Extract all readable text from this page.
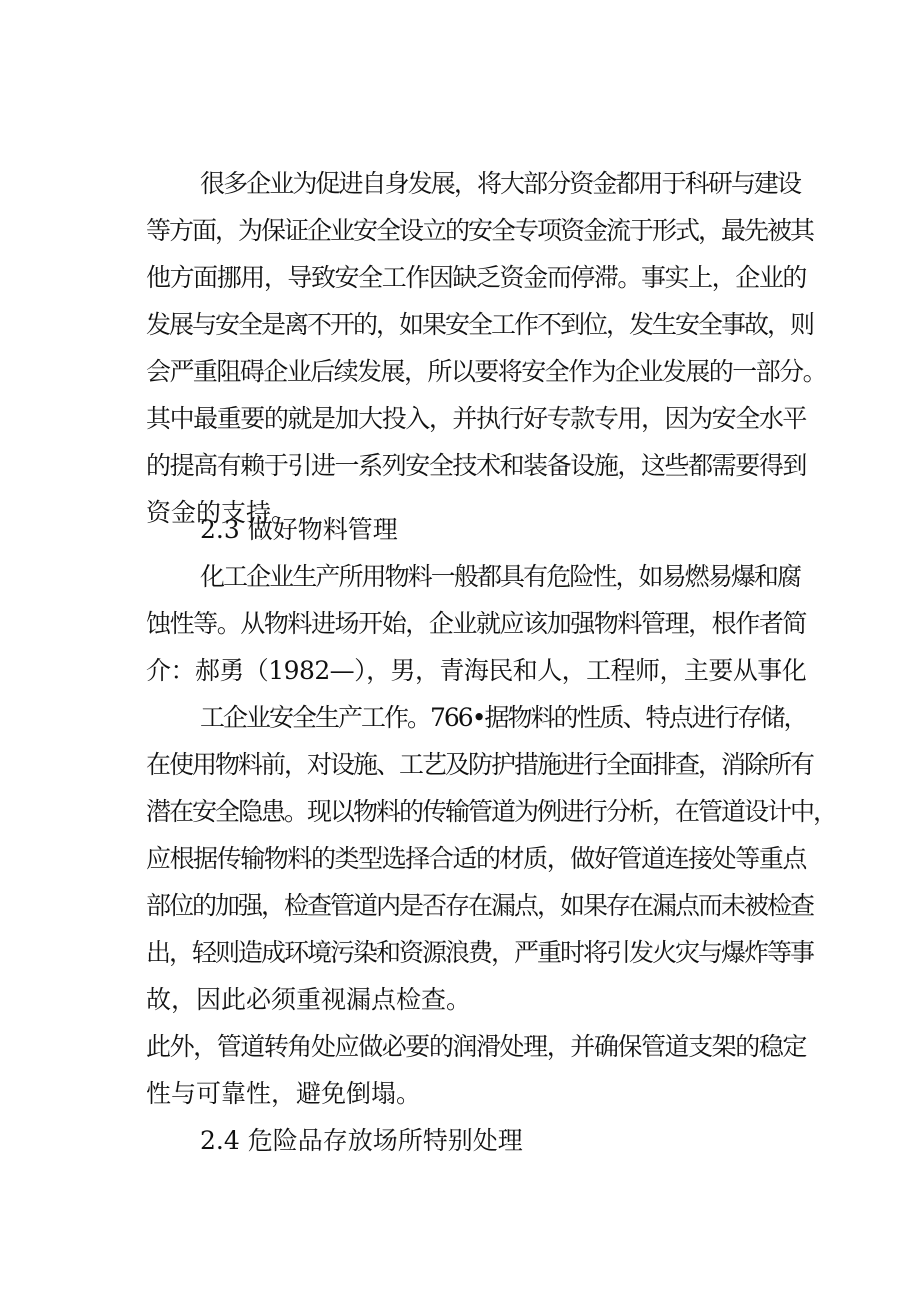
很多企业为促进自身发展，将大部分资金都用于科研与建设
等方面，为保证企业安全设立的安全专项资金流于形式，最先被其
他方面挪用，导致安全工作因缺乏资金而停滞。事实上，企业的
发展与安全是离不开的，如果安全工作不到位，发生安全事故，则
会严重阻碍企业后续发展，所以要将安全作为企业发展的一部分。
其中最重要的就是加大投入，并执行好专款专用，因为安全水平
的提高有赖于引进一系列安全技术和装备设施，这些都需要得到
资金的支持。
2.3 做好物料管理
化工企业生产所用物料一般都具有危险性，如易燃易爆和腐
蚀性等。从物料进场开始，企业就应该加强物料管理，根作者简
介：郝勇（1982—），男，青海民和人，工程师，主要从事化
工企业安全生产工作。766•据物料的性质、特点进行存储，
在使用物料前，对设施、工艺及防护措施进行全面排查，消除所有
潜在安全隐患。现以物料的传输管道为例进行分析，在管道设计中，
应根据传输物料的类型选择合适的材质，做好管道连接处等重点
部位的加强，检查管道内是否存在漏点，如果存在漏点而未被检查
出，轻则造成环境污染和资源浪费，严重时将引发火灾与爆炸等事
故，因此必须重视漏点检查。
此外，管道转角处应做必要的润滑处理，并确保管道支架的稳定
性与可靠性，避免倒塌。
2.4 危险品存放场所特别处理
